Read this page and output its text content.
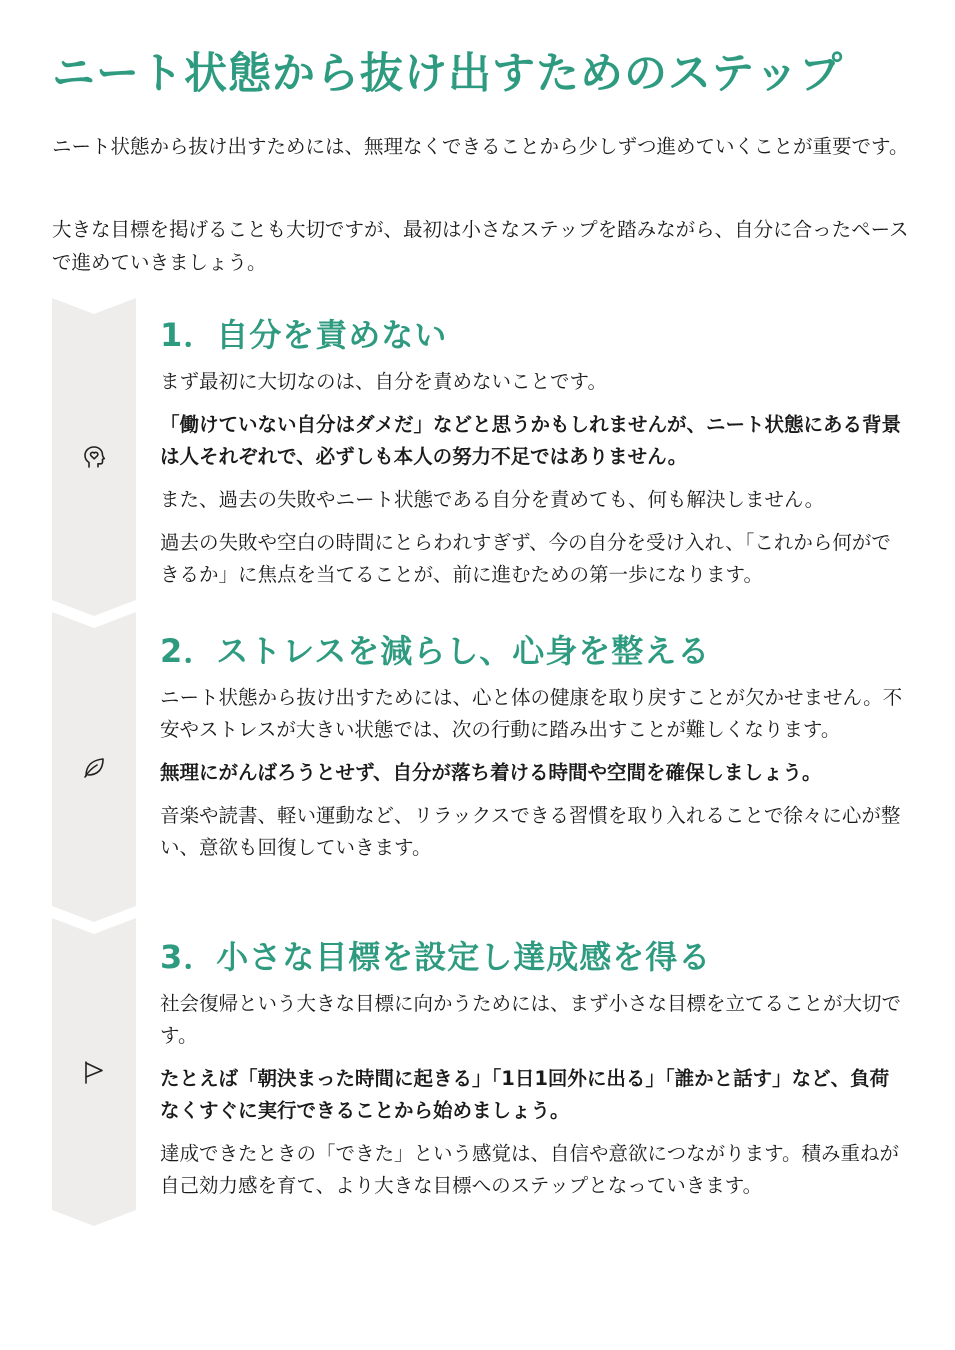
ニート状態から抜け出すためのステップ

ニート状態から抜け出すためには、無理なくできることから少しずつ進めていくことが重要です。

大きな目標を掲げることも大切ですが、最初は小さなステップを踏みながら、自分に合ったペースで進めていきましょう。

1．自分を責めない

まず最初に大切なのは、自分を責めないことです。

「働けていない自分はダメだ」などと思うかもしれませんが、ニート状態にある背景は人それぞれで、必ずしも本人の努力不足ではありません。

また、過去の失敗やニート状態である自分を責めても、何も解決しません。

過去の失敗や空白の時間にとらわれすぎず、今の自分を受け入れ、「これから何ができるか」に焦点を当てることが、前に進むための第一歩になります。

2．ストレスを減らし、心身を整える

ニート状態から抜け出すためには、心と体の健康を取り戻すことが欠かせません。不安やストレスが大きい状態では、次の行動に踏み出すことが難しくなります。

無理にがんばろうとせず、自分が落ち着ける時間や空間を確保しましょう。

音楽や読書、軽い運動など、リラックスできる習慣を取り入れることで徐々に心が整い、意欲も回復していきます。

3．小さな目標を設定し達成感を得る

社会復帰という大きな目標に向かうためには、まず小さな目標を立てることが大切です。

たとえば「朝決まった時間に起きる」「1日1回外に出る」「誰かと話す」など、負荷なくすぐに実行できることから始めましょう。

達成できたときの「できた」という感覚は、自信や意欲につながります。積み重ねが自己効力感を育て、より大きな目標へのステップとなっていきます。
